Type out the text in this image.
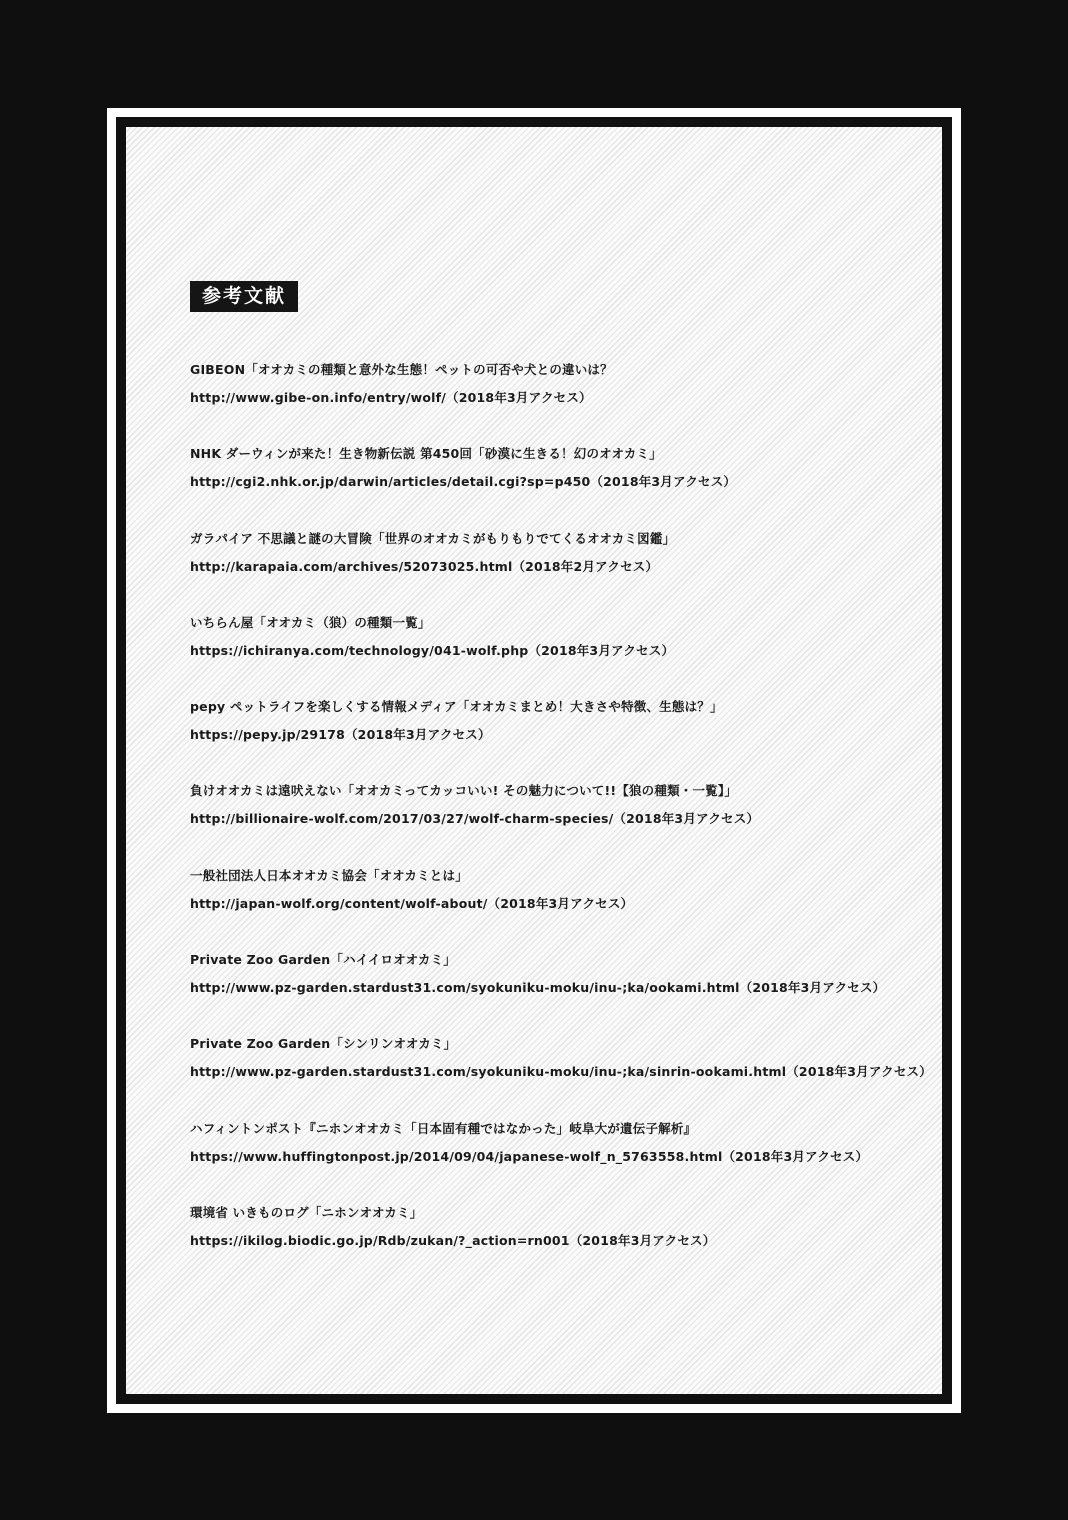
参考文献
GIBEON「オオカミの種類と意外な生態！ペットの可否や犬との違いは？
http://www.gibe-on.info/entry/wolf/（2018年3月アクセス）
NHK ダーウィンが来た！生き物新伝説 第450回「砂漠に生きる！幻のオオカミ」
http://cgi2.nhk.or.jp/darwin/articles/detail.cgi?sp=p450（2018年3月アクセス）
ガラパイア 不思議と謎の大冒険「世界のオオカミがもりもりでてくるオオカミ図鑑」
http://karapaia.com/archives/52073025.html（2018年2月アクセス）
いちらん屋「オオカミ（狼）の種類一覧」
https://ichiranya.com/technology/041-wolf.php（2018年3月アクセス）
pepy ペットライフを楽しくする情報メディア「オオカミまとめ！大きさや特徴、生態は？」
https://pepy.jp/29178（2018年3月アクセス）
負けオオカミは遠吠えない「オオカミってカッコいい! その魅力について!!【狼の種類・一覧】」
http://billionaire-wolf.com/2017/03/27/wolf-charm-species/（2018年3月アクセス）
一般社団法人日本オオカミ協会「オオカミとは」
http://japan-wolf.org/content/wolf-about/（2018年3月アクセス）
Private Zoo Garden「ハイイロオオカミ」
http://www.pz-garden.stardust31.com/syokuniku-moku/inu-;ka/ookami.html（2018年3月アクセス）
Private Zoo Garden「シンリンオオカミ」
http://www.pz-garden.stardust31.com/syokuniku-moku/inu-;ka/sinrin-ookami.html（2018年3月アクセス）
ハフィントンポスト『ニホンオオカミ「日本固有種ではなかった」岐阜大が遺伝子解析』
https://www.huffingtonpost.jp/2014/09/04/japanese-wolf_n_5763558.html（2018年3月アクセス）
環境省 いきものログ「ニホンオオカミ」
https://ikilog.biodic.go.jp/Rdb/zukan/?_action=rn001（2018年3月アクセス）
